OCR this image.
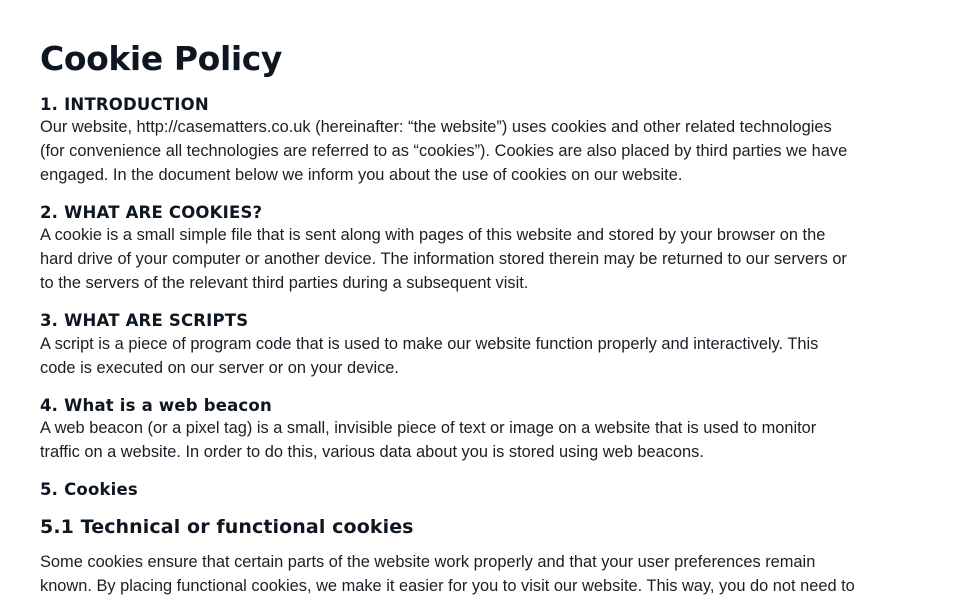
Cookie Policy
1. INTRODUCTION

Our website, http://casematters.co.uk (hereinafter: “the website”) uses cookies and other related technologies
(for convenience all technologies are referred to as “cookies”). Cookies are also placed by third parties we have
engaged. In the document below we inform you about the use of cookies on our website.

2. WHAT ARE COOKIES?

A cookie is a small simple file that is sent along with pages of this website and stored by your browser on the
hard drive of your computer or another device. The information stored therein may be returned to our servers or
to the servers of the relevant third parties during a subsequent visit.

3. WHAT ARE SCRIPTS

A script is a piece of program code that is used to make our website function properly and interactively. This
code is executed on our server or on your device.

4. What is a web beacon

A web beacon (or a pixel tag) is a small, invisible piece of text or image on a website that is used to monitor
traffic on a website. In order to do this, various data about you is stored using web beacons.

5. Cookies
5.1 Technical or functional cookies

Some cookies ensure that certain parts of the website work properly and that your user preferences remain
known. By placing functional cookies, we make it easier for you to visit our website. This way, you do not need to
